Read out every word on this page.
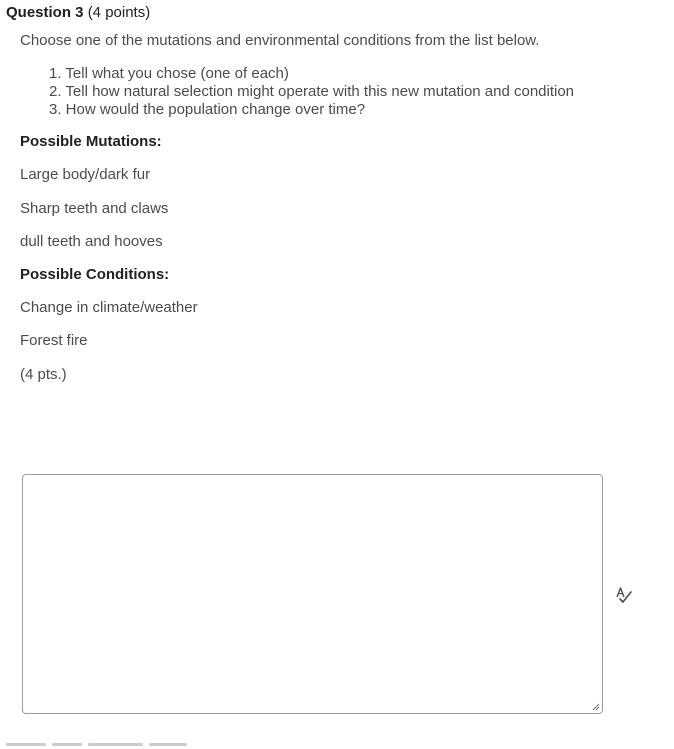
Question 3 (4 points)
Choose one of the mutations and environmental conditions from the list below.
1. Tell what you chose (one of each)
2. Tell how natural selection might operate with this new mutation and condition
3. How would the population change over time?
Possible Mutations:
Large body/dark fur
Sharp teeth and claws
dull teeth and hooves
Possible Conditions:
Change in climate/weather
Forest fire
(4 pts.)
